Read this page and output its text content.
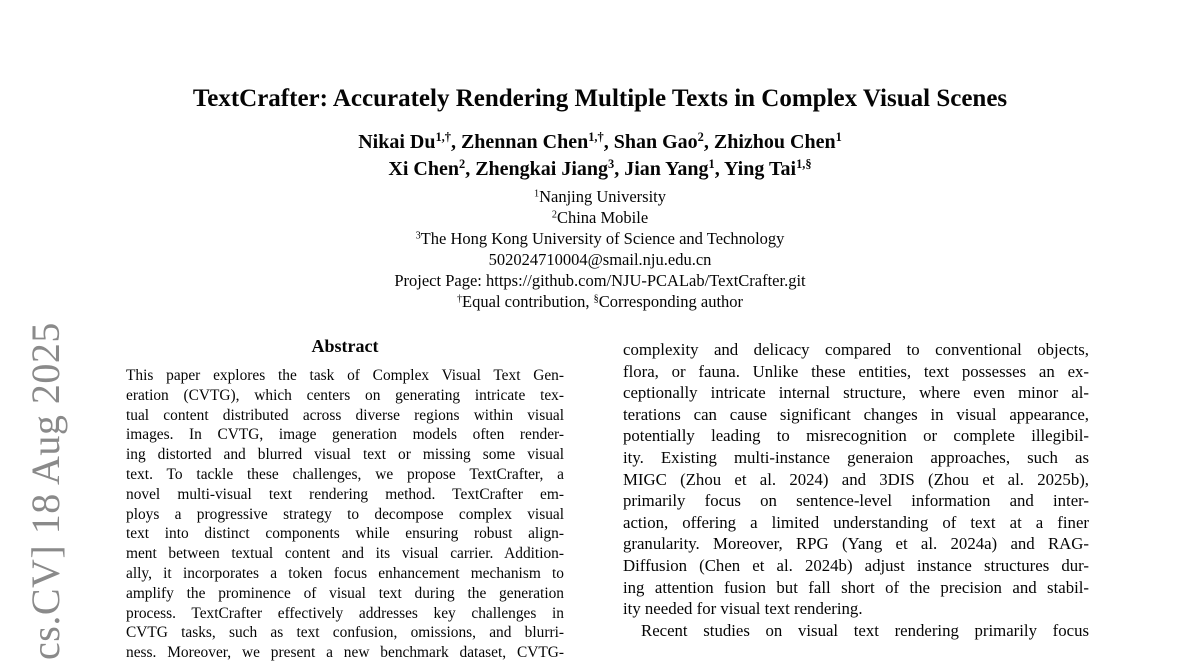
cs.CV] 18 Aug 2025
TextCrafter: Accurately Rendering Multiple Texts in Complex Visual Scenes
Nikai $Du^{1,\dagger}$, Zhennan Chen$^{1,\dagger}$, Shan Gao$^2$, Zhizhou Chen$^1$
Xi Chen$^2$, Zhengkai Jiang$^3$, Jian Yang$^1$, Ying Tai$^{1,\S}$
$^1$Nanjing University
$^2$China Mobile
$^3$The Hong Kong University of Science and Technology
502024710004@smail.nju.edu.cn
Project Page: https://github.com/NJU-PCALab/TextCrafter.git
†Equal contribution, §Corresponding author
Abstract
This paper explores the task of Complex Visual Text Gen-
eration (CVTG), which centers on generating intricate tex-
tual content distributed across diverse regions within visual
images. In CVTG, image generation models often render-
ing distorted and blurred visual text or missing some visual
text. To tackle these challenges, we propose TextCrafter, a
novel multi-visual text rendering method. TextCrafter em-
ploys a progressive strategy to decompose complex visual
text into distinct components while ensuring robust align-
ment between textual content and its visual carrier. Addition-
ally, it incorporates a token focus enhancement mechanism to
amplify the prominence of visual text during the generation
process. TextCrafter effectively addresses key challenges in
CVTG tasks, such as text confusion, omissions, and blurri-
ness. Moreover, we present a new benchmark dataset, CVTG-
complexity and delicacy compared to conventional objects,
flora, or fauna. Unlike these entities, text possesses an ex-
ceptionally intricate internal structure, where even minor al-
terations can cause significant changes in visual appearance,
potentially leading to misrecognition or complete illegibil-
ity. Existing multi-instance generaion approaches, such as
MIGC (Zhou et al. 2024) and 3DIS (Zhou et al. 2025b),
primarily focus on sentence-level information and inter-
action, offering a limited understanding of text at a finer
granularity. Moreover, RPG (Yang et al. 2024a) and RAG-
Diffusion (Chen et al. 2024b) adjust instance structures dur-
ing attention fusion but fall short of the precision and stabil-
ity needed for visual text rendering.
Recent studies on visual text rendering primarily focus
